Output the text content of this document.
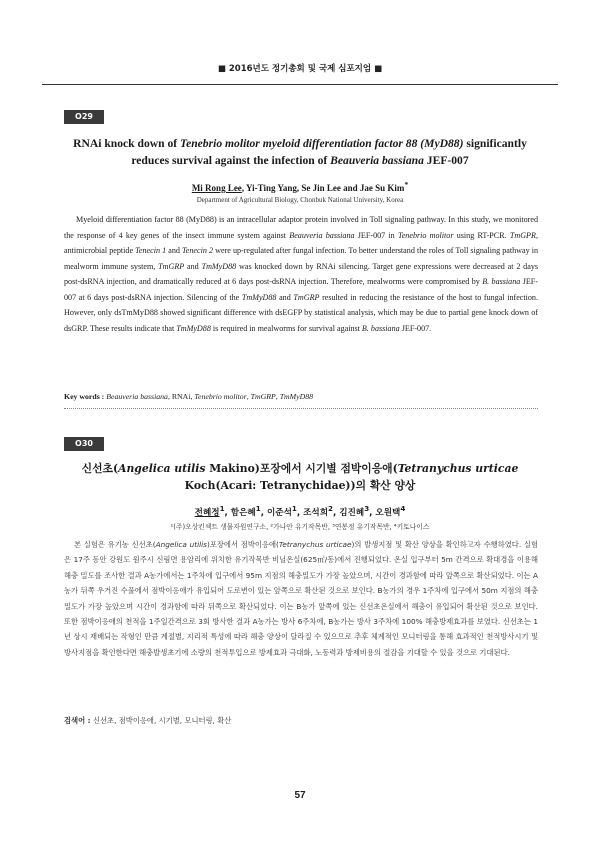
■ 2016년도 정기총회 및 국제 심포지엄 ■
O29
RNAi knock down of Tenebrio molitor myeloid differentiation factor 88 (MyD88) significantly reduces survival against the infection of Beauveria bassiana JEF-007
Mi Rong Lee, Yi-Ting Yang, Se Jin Lee and Jae Su Kim*
Department of Agricultural Biology, Chonbuk National University, Korea
Myeloid differentiation factor 88 (MyD88) is an intracellular adaptor protein involved in Toll signaling pathway. In this study, we monitored the response of 4 key genes of the insect immune system against Beauveria bassiana JEF-007 in Tenebrio molitor using RT-PCR. TmGPR, antimicrobial peptide Tenecin 1 and Tenecin 2 were up-regulated after fungal infection. To better understand the roles of Toll signaling pathway in mealworm immune system, TmGRP and TmMyD88 was knocked down by RNAi silencing. Target gene expressions were decreased at 2 days post-dsRNA injection, and dramatically reduced at 6 days post-dsRNA injection. Therefore, mealworms were compromised by B. bassiana JEF-007 at 6 days post-dsRNA injection. Silencing of the TmMyD88 and TmGRP resulted in reducing the resistance of the host to fungal infection. However, only dsTmMyD88 showed significant difference with dsEGFP by statistical analysis, which may be due to partial gene knock down of dsGRP. These results indicate that TmMyD88 is required in mealworms for survival against B. bassiana JEF-007.
Key words : Beauveria bassiana, RNAi, Tenebrio molitor, TmGRP, TmMyD88
O30
신선초(Angelica utilis Makino)포장에서 시기별 점박이응애(Tetranychus urticae Koch(Acari: Tetranychidae))의 확산 양상
전혜정$^1$, 함은혜$^1$, 이준석$^1$, 조석희$^2$, 김진혜$^3$, 오원택$^4$
¹(주)오상킨섹트 생물자원연구소, ²가나안 유기작목반, ³연봉정 유기작목반, ⁴키토나이스
본 실험은 유기농 신선초(Angelica utilis)포장에서 점박이응애(Tetranychus urticae)의 발생지점 및 확산 양상을 확인하고자 수행하였다. 실험은 17주 동안 강원도 원주시 신림면 용암리에 위치한 유기작목반 비닐온실(625㎡/동)에서 진행되었다. 온실 입구부터 5m 간격으로 확대경을 이용해 해충 밀도를 조사한 결과 A농가에서는 1주차에 입구에서 95m 지점의 해충밀도가 가장 높았으며, 시간이 경과함에 따라 앞쪽으로 확산되었다. 이는 A농가 뒤쪽 우거진 수풀에서 점박이응애가 유입되어 도로변이 있는 앞쪽으로 확산된 것으로 보인다. B농가의 경우 1주차에 입구에서 50m 지점의 해충밀도가 가장 높았으며 시간이 경과함에 따라 뒤쪽으로 확산되었다. 이는 B농가 앞쪽에 있는 신선초온실에서 해충이 유입되어 확산된 것으로 보인다. 또한 점박이응애의 천적을 1주일간격으로 3회 방사한 결과 A농가는 방사 6주차에, B농가는 방사 3주차에 100% 해충방제효과를 보였다. 신선초는 1년 상시 재배되는 작형인 만큼 계절별, 지리적 특성에 따라 해충 양상이 달라질 수 있으므로 추후 체계적인 모니터링을 통해 효과적인 천적방사시기 및 방사지점을 확인한다면 해충발생초기에 소량의 천적투입으로 방제효과 극대화, 노동력과 방제비용의 절감을 기대할 수 있을 것으로 기대된다.
검색어 : 신선초, 점박이응애, 시기별, 모니터링, 확산
57
